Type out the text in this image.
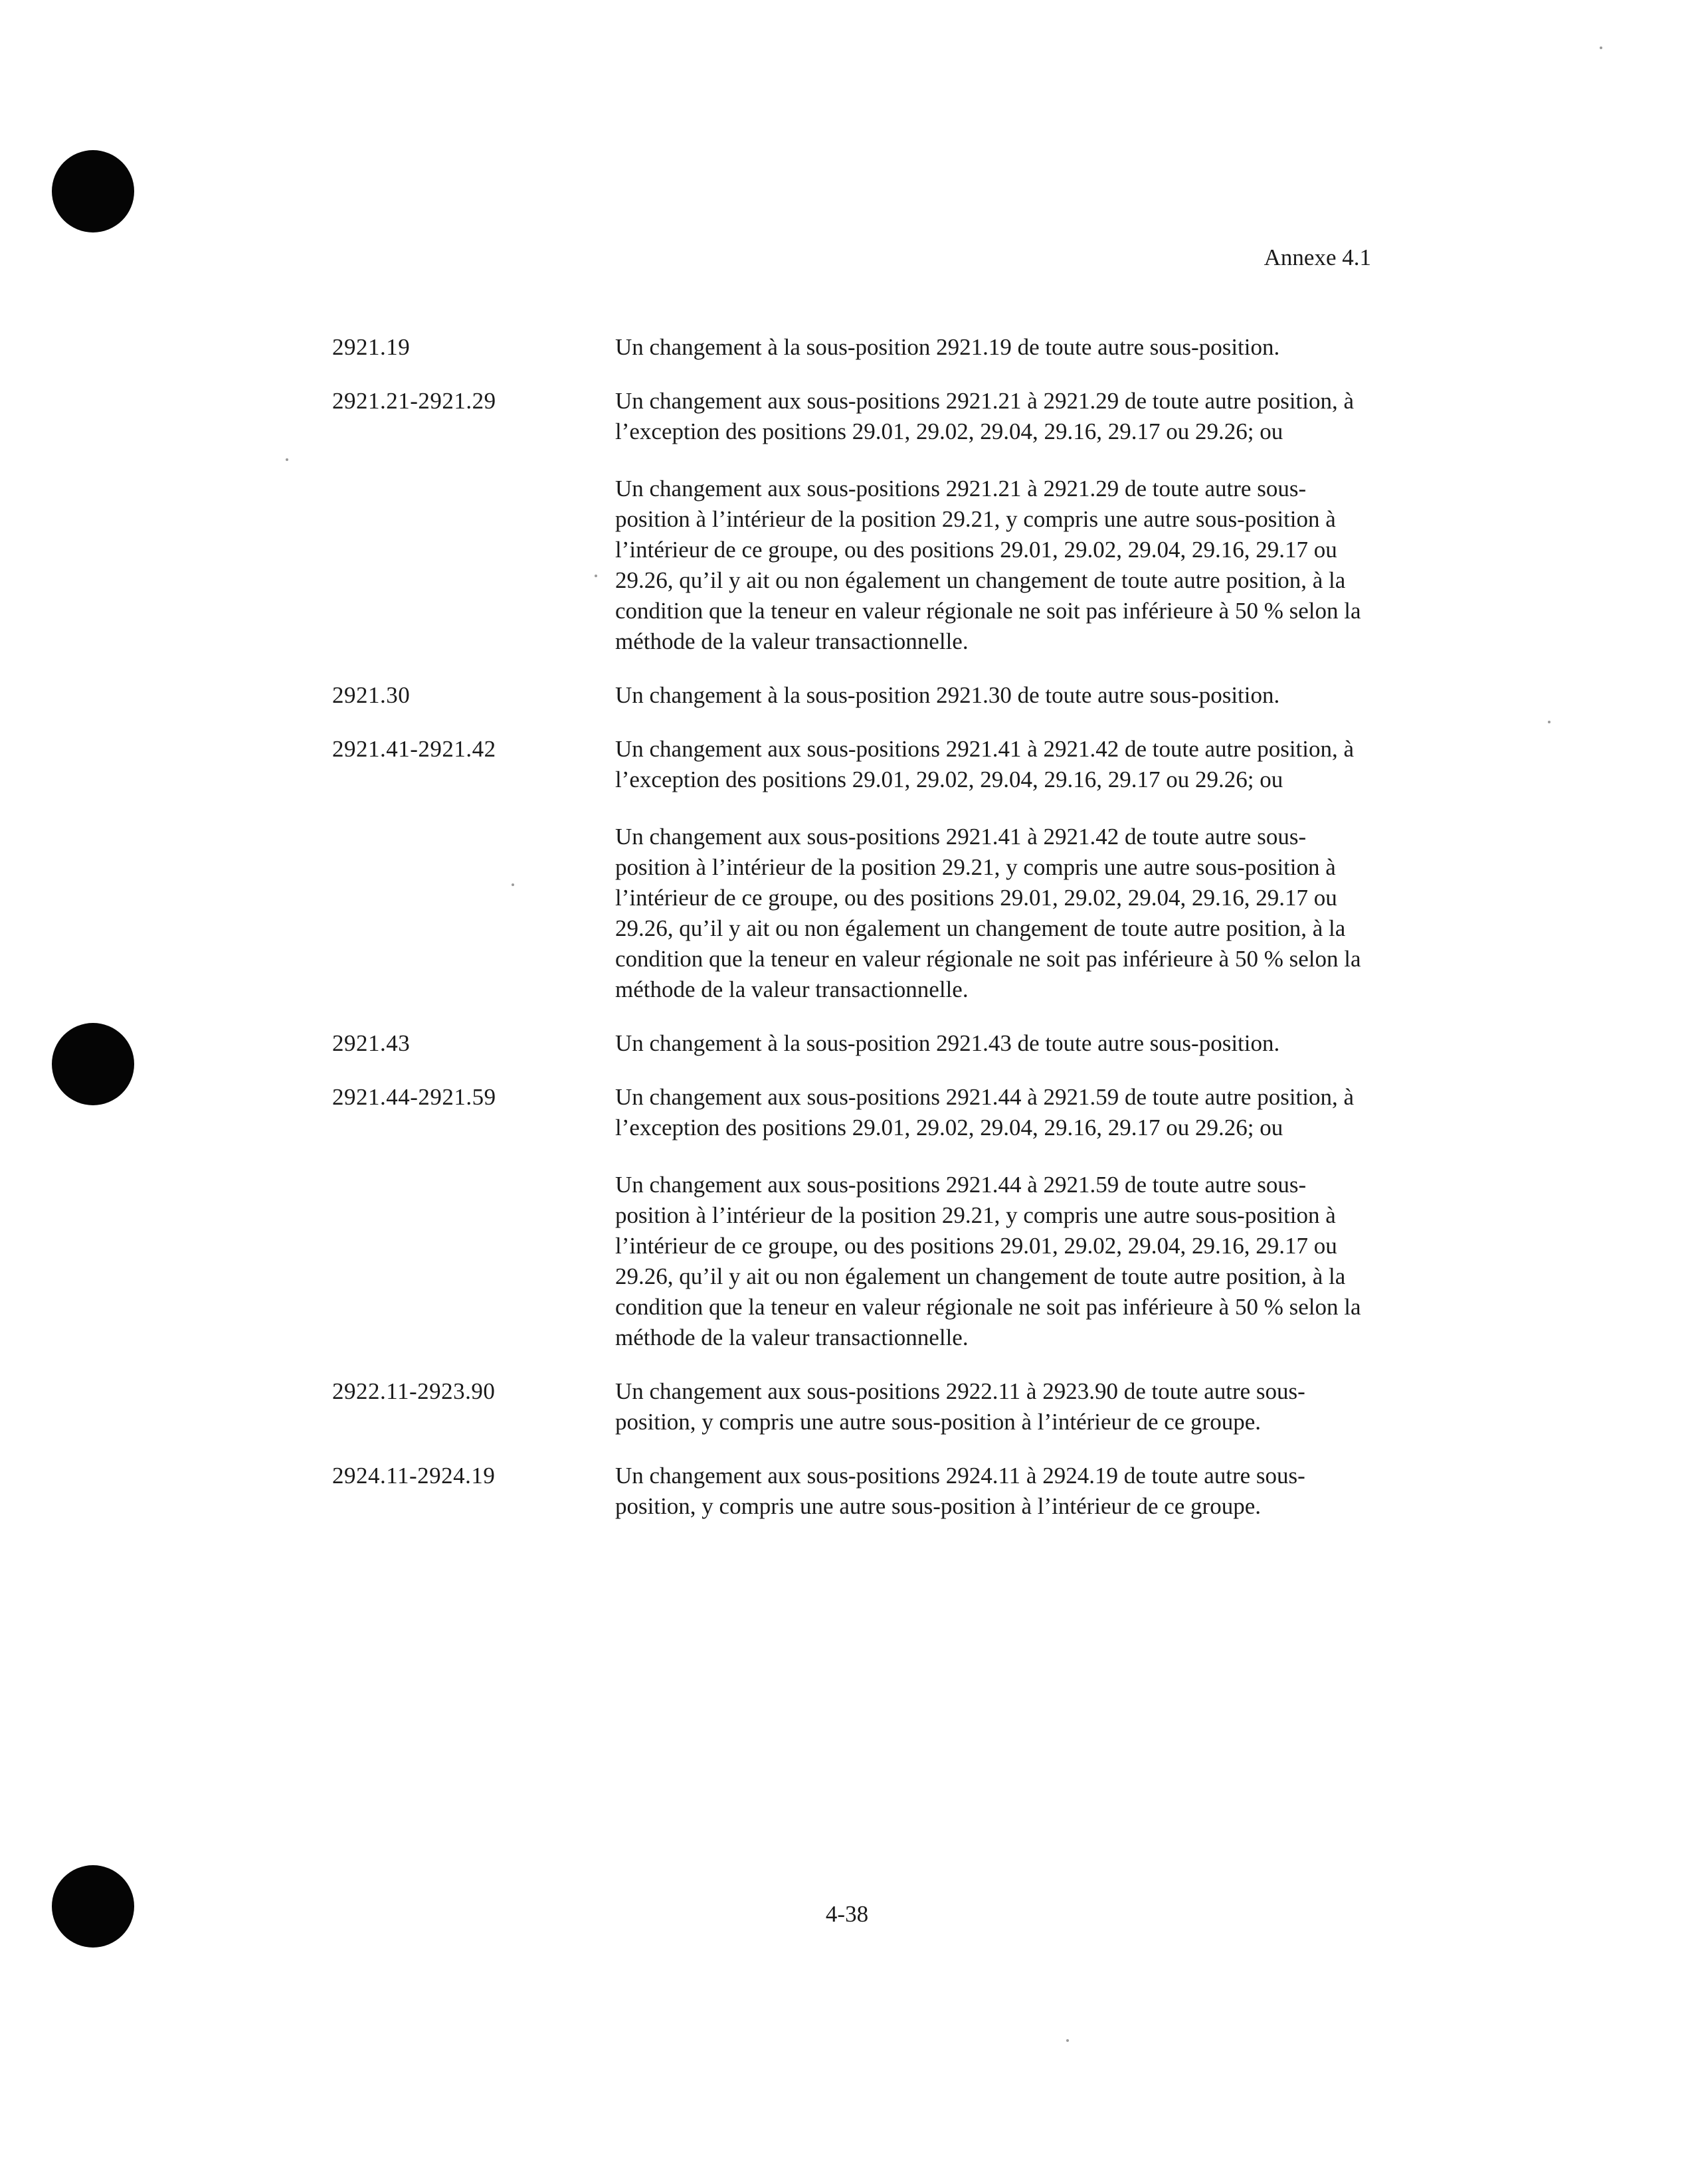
Annexe 4.1
2921.19	Un changement à la sous-position 2921.19 de toute autre sous-position.

2921.21-2921.29	Un changement aux sous-positions 2921.21 à 2921.29 de toute autre position, à l’exception des positions 29.01, 29.02, 29.04, 29.16, 29.17 ou 29.26; ou

Un changement aux sous-positions 2921.21 à 2921.29 de toute autre sous-position à l’intérieur de la position 29.21, y compris une autre sous-position à l’intérieur de ce groupe, ou des positions 29.01, 29.02, 29.04, 29.16, 29.17 ou 29.26, qu’il y ait ou non également un changement de toute autre position, à la condition que la teneur en valeur régionale ne soit pas inférieure à 50 % selon la méthode de la valeur transactionnelle.

2921.30	Un changement à la sous-position 2921.30 de toute autre sous-position.

2921.41-2921.42	Un changement aux sous-positions 2921.41 à 2921.42 de toute autre position, à l’exception des positions 29.01, 29.02, 29.04, 29.16, 29.17 ou 29.26; ou

Un changement aux sous-positions 2921.41 à 2921.42 de toute autre sous-position à l’intérieur de la position 29.21, y compris une autre sous-position à l’intérieur de ce groupe, ou des positions 29.01, 29.02, 29.04, 29.16, 29.17 ou 29.26, qu’il y ait ou non également un changement de toute autre position, à la condition que la teneur en valeur régionale ne soit pas inférieure à 50 % selon la méthode de la valeur transactionnelle.

2921.43	Un changement à la sous-position 2921.43 de toute autre sous-position.

2921.44-2921.59	Un changement aux sous-positions 2921.44 à 2921.59 de toute autre position, à l’exception des positions 29.01, 29.02, 29.04, 29.16, 29.17 ou 29.26; ou

Un changement aux sous-positions 2921.44 à 2921.59 de toute autre sous-position à l’intérieur de la position 29.21, y compris une autre sous-position à l’intérieur de ce groupe, ou des positions 29.01, 29.02, 29.04, 29.16, 29.17 ou 29.26, qu’il y ait ou non également un changement de toute autre position, à la condition que la teneur en valeur régionale ne soit pas inférieure à 50 % selon la méthode de la valeur transactionnelle.

2922.11-2923.90	Un changement aux sous-positions 2922.11 à 2923.90 de toute autre sous-position, y compris une autre sous-position à l’intérieur de ce groupe.

2924.11-2924.19	Un changement aux sous-positions 2924.11 à 2924.19 de toute autre sous-position, y compris une autre sous-position à l’intérieur de ce groupe.

4-38
